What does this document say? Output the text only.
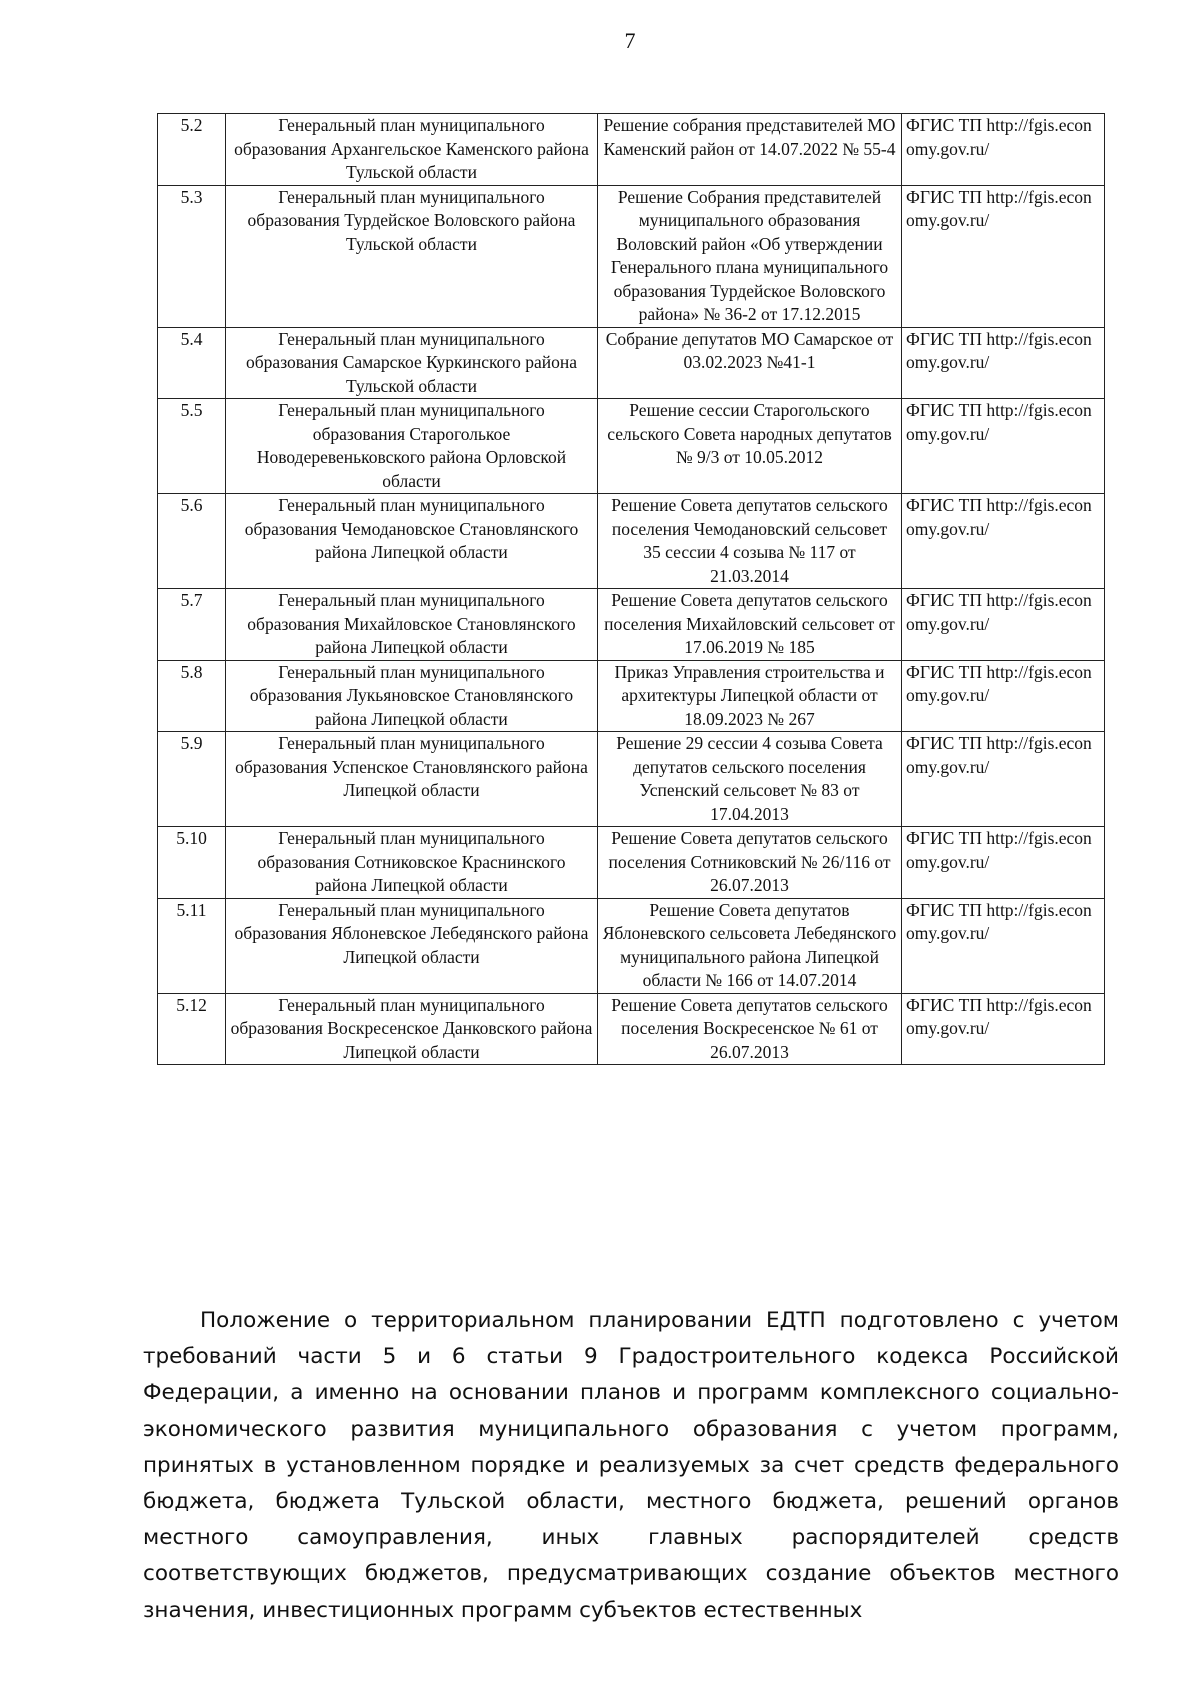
7
5.2	Генеральный план муниципального образования Архангельское Каменского района Тульской области	Решение собрания представителей МО Каменский район от 14.07.2022 № 55-4	ФГИС ТП http://fgis.economy.gov.ru/
5.3	Генеральный план муниципального образования Турдейское Воловского района Тульской области	Решение Собрания представителей муниципального образования Воловский район «Об утверждении Генерального плана муниципального образования Турдейское Воловского района» № 36-2 от 17.12.2015	ФГИС ТП http://fgis.economy.gov.ru/
5.4	Генеральный план муниципального образования Самарское Куркинского района Тульской области	Собрание депутатов МО Самарское от 03.02.2023 №41-1	ФГИС ТП http://fgis.economy.gov.ru/
5.5	Генеральный план муниципального образования Староголькое Новодеревеньковского района Орловской области	Решение сессии Старогольского сельского Совета народных депутатов № 9/3 от 10.05.2012	ФГИС ТП http://fgis.economy.gov.ru/
5.6	Генеральный план муниципального образования Чемодановское Становлянского района Липецкой области	Решение Совета депутатов сельского поселения Чемодановский сельсовет 35 сессии 4 созыва № 117 от 21.03.2014	ФГИС ТП http://fgis.economy.gov.ru/
5.7	Генеральный план муниципального образования Михайловское Становлянского района Липецкой области	Решение Совета депутатов сельского поселения Михайловский сельсовет от 17.06.2019 № 185	ФГИС ТП http://fgis.economy.gov.ru/
5.8	Генеральный план муниципального образования Лукьяновское Становлянского района Липецкой области	Приказ Управления строительства и архитектуры Липецкой области от 18.09.2023 № 267	ФГИС ТП http://fgis.economy.gov.ru/
5.9	Генеральный план муниципального образования Успенское Становлянского района Липецкой области	Решение 29 сессии 4 созыва Совета депутатов сельского поселения Успенский сельсовет № 83 от 17.04.2013	ФГИС ТП http://fgis.economy.gov.ru/
5.10	Генеральный план муниципального образования Сотниковское Краснинского района Липецкой области	Решение Совета депутатов сельского поселения Сотниковский № 26/116 от 26.07.2013	ФГИС ТП http://fgis.economy.gov.ru/
5.11	Генеральный план муниципального образования Яблоневское Лебедянского района Липецкой области	Решение Совета депутатов Яблоневского сельсовета Лебедянского муниципального района Липецкой области № 166 от 14.07.2014	ФГИС ТП http://fgis.economy.gov.ru/
5.12	Генеральный план муниципального образования Воскресенское Данковского района Липецкой области	Решение Совета депутатов сельского поселения Воскресенское № 61 от 26.07.2013	ФГИС ТП http://fgis.economy.gov.ru/

Положение о территориальном планировании ЕДТП подготовлено с учетом требований части 5 и 6 статьи 9 Градостроительного кодекса Российской Федерации, а именно на основании планов и программ комплексного социально-экономического развития муниципального образования с учетом программ, принятых в установленном порядке и реализуемых за счет средств федерального бюджета, бюджета Тульской области, местного бюджета, решений органов местного самоуправления, иных главных распорядителей средств соответствующих бюджетов, предусматривающих создание объектов местного значения, инвестиционных программ субъектов естественных
